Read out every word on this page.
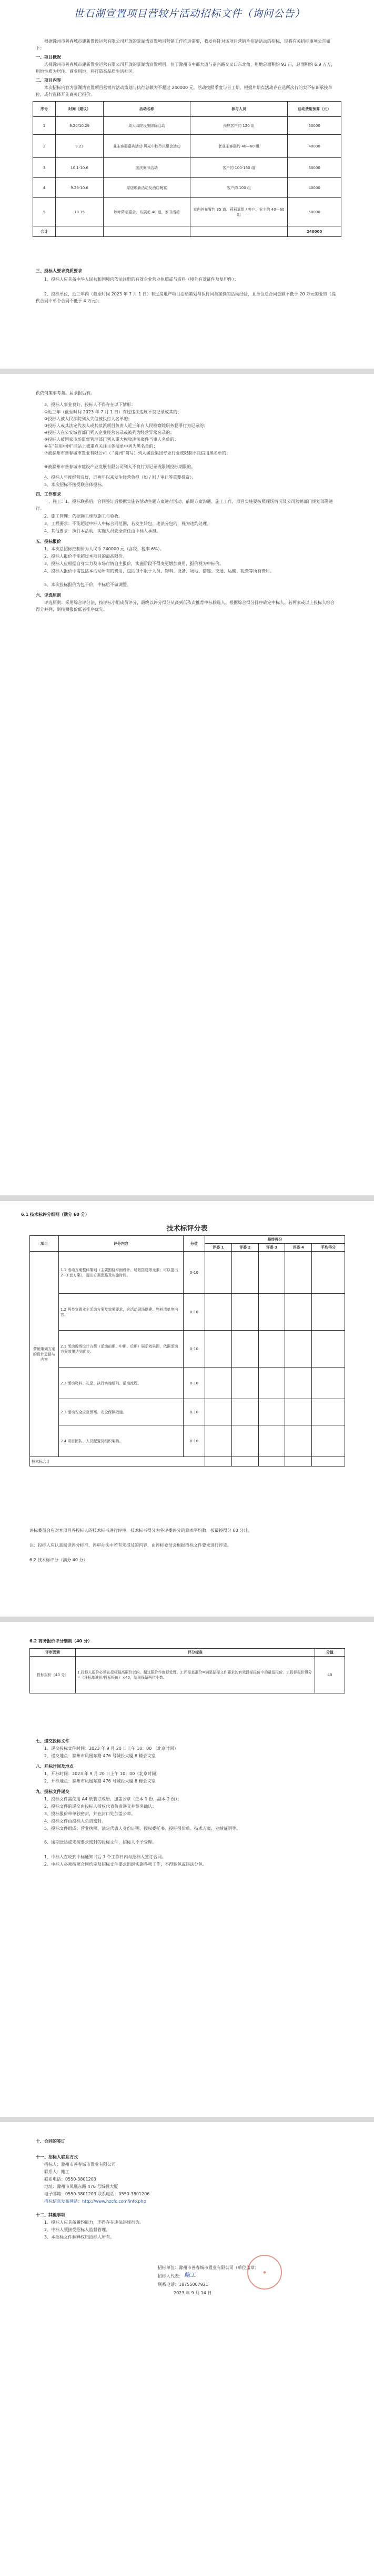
世石湖宣置项目营较片活动招标文件（询问公告）
根据滁州市善春城市建新置设运营有限公司开放的景湖湾宣置项目营销工作推进需要，我发将针对该项目营销片招活活动的招标，现将有关招标事项公告如下：
一、项目概况
选择滁州市善春城市建新置业运营有限公司开放的景湖湾宣置项目，位于滁州市中都大道与嘉兴路交叉口东北角，用地总面积约 93 亩，总面积约 6.9 万方，用地性质为居住、商业用地，将打造高品质生活社区。
二、项目内容
本次招标内容为景湖湾宣置项目营销片活动策划与执行总额为不超过 240000 元，活动按照季度与首工期，根据片期点活动存在选所次行的实不标识承接单位，或行选择开先商务已报价。
序号	时间（建议）	活动名称	参与人员	活动费用预算（元）
1	9.20/10.29	周大四院设施除除活动	预热客户约 120 组	50000
2	9.23	业主客群嘉宾活动 风光中秋节庆聚会活动	老业主客群约 40—60 组	40000
3	10.1-10.6	国庆聚节活动	客户约 100-150 组	60000
4	9.29-10.6	家居焕新活动及酒店晚宴	客户约 100 组	40000
5	10.15	秋叶降临嘉会、布展毛 40 道、家书活动	室内外布置约 35 道、莉莉嘉组 / 客户、业主约 40—60 组	50000
合计				240000
三、投标人要求资质要求
1、投标人应具备中华人民共和国境内依法注册的有效企业营业执照或与资料（境外有效证件及复印件）；
2、投标单位，近三年内（截至时间 2023 年 7 月 1 日）有过房地产项目活动策划与执行同类案例的活动经验，且单位总合同金额不低于 20 万元的业绩（提供合同中单个合同不低于 4 万元）；
供依何策事考备。届求报后有。
3、投标人事业良好，投标人不得存在以下情形：
①近三年（截至时间 2023 年 7 月 1 日）有过违法违规不良记录或其的；
②投标人被人民法院列入失信被执行人名单的；
③投标人或其法定代表人或其拟派项目负责人近三年有人民检察院职务犯罪行为记录的；
④投标人在公安城管部门列入企业经营名录或被列为经营异常名录的；
⑤投标人被国家市场监督管理部门列入重大税收违法案件当事人名单的；
⑥在“信用中国”网站上被重点关注主体清单中列为黑名单的；
⑦被滁州市善春城市置业有限公司（ “滁州”简写）列入城投集团专业行业或限制不良信用黑名单的；
⑧被滁州市善春城市建设产业发展有限公司列入不良行为记录或限制投标期限的。
4、投标人年度经营良好，近两年以来发生经营负担（如 / 则 / 审计等重要投资）。
5、本次招标不接受联合体投标。
四、工作要求
一、施工：1、投标联系后，合同签订后根据实施各活动主题方案进行活动、前期方案沟通、施工工作，项目实施要按照现场情况及公司营销部门规划部署进行。
2、施工管理：依据施工规范施工与验收。
3、工程要求：不能超过中标人中标合同范围，若发生转包、违法分包的，视为违约处理。
4、其他要求：执行本活动，实施人员安全责任由中标人承担。
五、投标报价
1、本次总招标控制价为人民币 240000 元（含税，税率 6%）。
2、投标人报价不能超过本项目的最高限价。
3、投标人应根据自身实力及市场行情自主报价，实施阶段不得变更增加费用，报价视为中标价。
4、投标人报价中需包括本活动所有的费用，包括但不限于人员、物料、设备、场地、搭建、交通、运输、税费等所有费用。
5、本次投标报价为包干价，中标后不做调整。
六、评选原则
评选原则：采用综合评分法，按评标小组成员评分，最终以评分得分从高到低依次推荐中标候选人。根据综合得分排序确定中标人。若两家或以上投标人综合得分并列，则按照报价低者排序优先。
6.1 技术标评分细则（满分 60 分）
技术标评分表
项目	评分内容	分值	最终得分				
			评委 1	评委 2	评委 3	评委 4	平均得分
营销策划方案的设计思路与内容	1.1 活动方案整体策划（主要围绕平面设计、场景搭建等元素；可以提出 2~3 套方案），提出方案思路及实施时间。	0-10					
	1.2 两类宣置业主活动方案及效果要求，含活动现场搭建、物料清单等内容。	0-10					
	2.1 活动现场设计方案（活动前期、中期、后期）展示效果图，依据活动方案效果达到优良。	0-10					
	2.2 活动物料、礼品、执行实施细则、活动流程。	0-10					
	2.3 活动安全应急预案、安全保障措施。	0-10					
	2.4 项目团队、人员配置及组织架构。	0-10					
技术标合计							
评标委员会应对本项目各投标人的技术标书进行评审，技术标书得分为各评委评分的算术平均数，按最终得分 60 分计。
注：投标人应认真阅读评分标准，评审办法中若有未提及的内容，由评标委员会根据招标文件要求进行评定。
6.2 技术标评分（满分 40 分）
6.2 商务报价评分细则（40 分）
评审因素	评分标准	分值
投标报价（40 分）	1.投标人报价必须在投标最高限价以内，超过限价作废标处理。2.评标基准价=满足招标文件要求的有效投标报价中的最低报价。3.投标报价得分=（评标基准价/投标报价）×40，结果保留两位小数。	40
七、递交投标文件
1、递交投标文件时间：2023 年 9 月 20 日上午 10：00 （北京时间）
2、递交地点：滁州市凤凰东路 476 号城投大厦 8 楼会议室
八、开标时间及地点
1、开标时间：2023 年 9 月 20 日上午 10：00（北京时间）
2、开标地点：滁州市凤凰东路 476 号城投大厦 8 楼会议室
九、投标文件递交
1、投标文件需使用 A4 纸装订成册，加盖公章（正本 1 份，副本 2 份）；
2、投标文件的递交由投标人授权代表负责递交并签名确认；
3、投标报价单单独密封，并在封口处加盖公章。
4、投标文件由投标人负责密封。
5、投标文件组成：营业执照、法定代表人身份证明、授权委托书、投标报价单、技术方案、业绩证明等。
6、逾期送达或未按要求密封的投标文件，招标人不予受理。
1、中标人在收到中标通知书后 7 个工作日内与招标人签订合同。
2、中标人必须按照合同约定及招标文件要求组织实施各项工作，不得转包或违法分包。
十、合同的签订
十一、招标人联系方式
招标人：滁州市善春城市置业有限公司
联系人：鲍工
联系电话：0550-3801203
地址：滁州市凤凰东路 476 号城投大厦
电子邮箱：0550-3801203 联系电话：0550-3801206
招标信息发布网站：http://www.hzcfc.com/info.php
十二、其他事项
1、投标人应具备履约能力，不得存在违法违规行为。
2、中标人须接受招标人监督管理。
3、本招标文件解释权归招标人所有。
招标单位：滁州市善春城市置业有限公司（单位盖章）
招标人代表： 鲍工
联系电话：18755007921
2023 年 9 月 14 日
●
